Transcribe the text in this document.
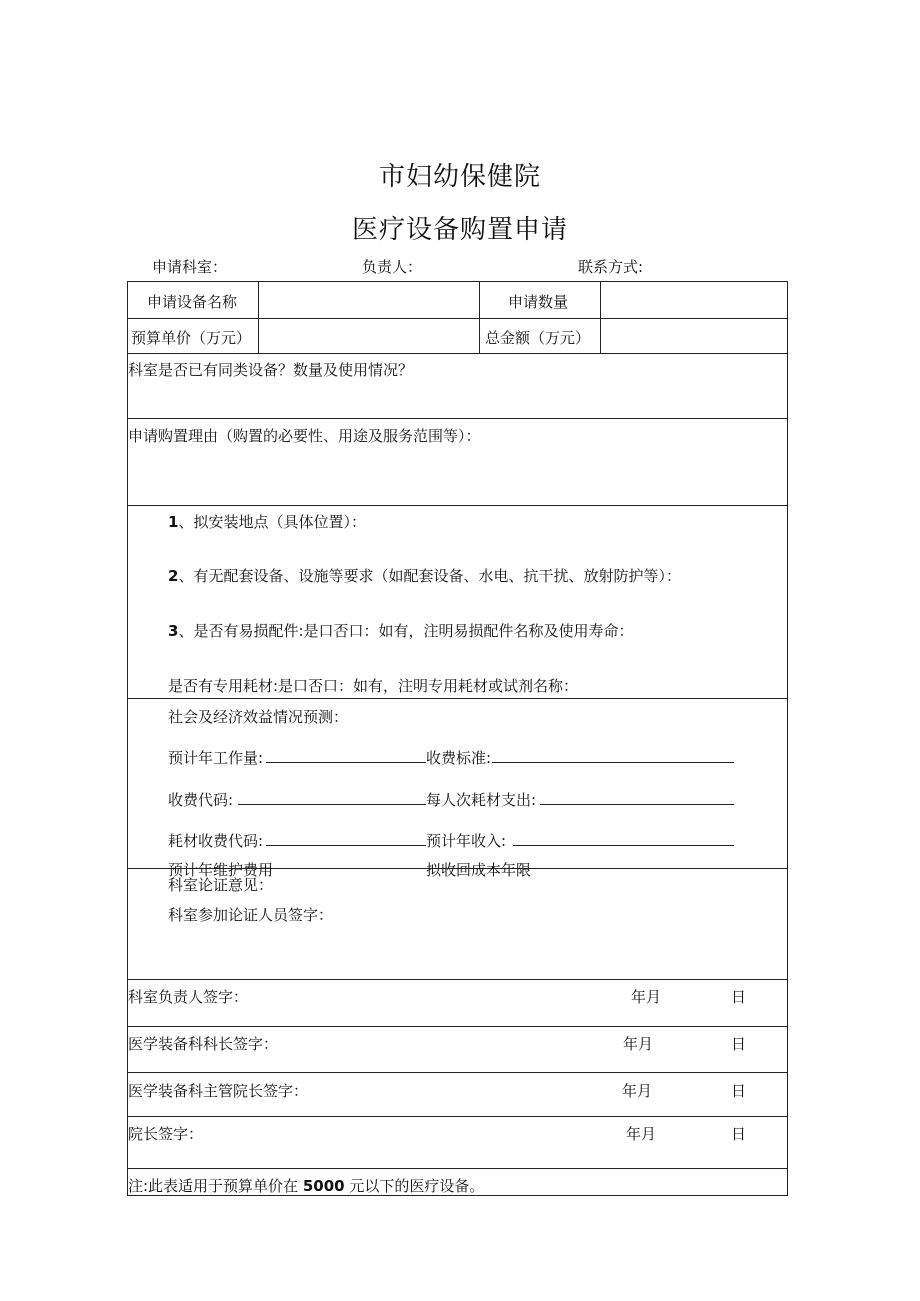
市妇幼保健院
医疗设备购置申请
申请科室：	负责人：	联系方式:
申请设备名称	申请数量
预算单价（万元）	总金额（万元）
科室是否已有同类设备？数量及使用情况？
申请购置理由（购置的必要性、用途及服务范围等）：
1、拟安装地点（具体位置）：
2、有无配套设备、设施等要求（如配套设备、水电、抗干扰、放射防护等）：
3、是否有易损配件:是口否口：如有，注明易损配件名称及使用寿命：
是否有专用耗材:是口否口：如有，注明专用耗材或试剂名称：
社会及经济效益情况预测：
预计年工作量:	收费标准:
收费代码:	每人次耗材支出:
耗材收费代码:	预计年收入:
预计年维护费用	拟收回成本年限
科室论证意见：
科室参加论证人员签字：
科室负责人签字：	年月	日
医学装备科科长签字：	年月	日
医学装备科主管院长签字：	年月	日
院长签字：	年月	日
注:此表适用于预算单价在 5000 元以下的医疗设备。
